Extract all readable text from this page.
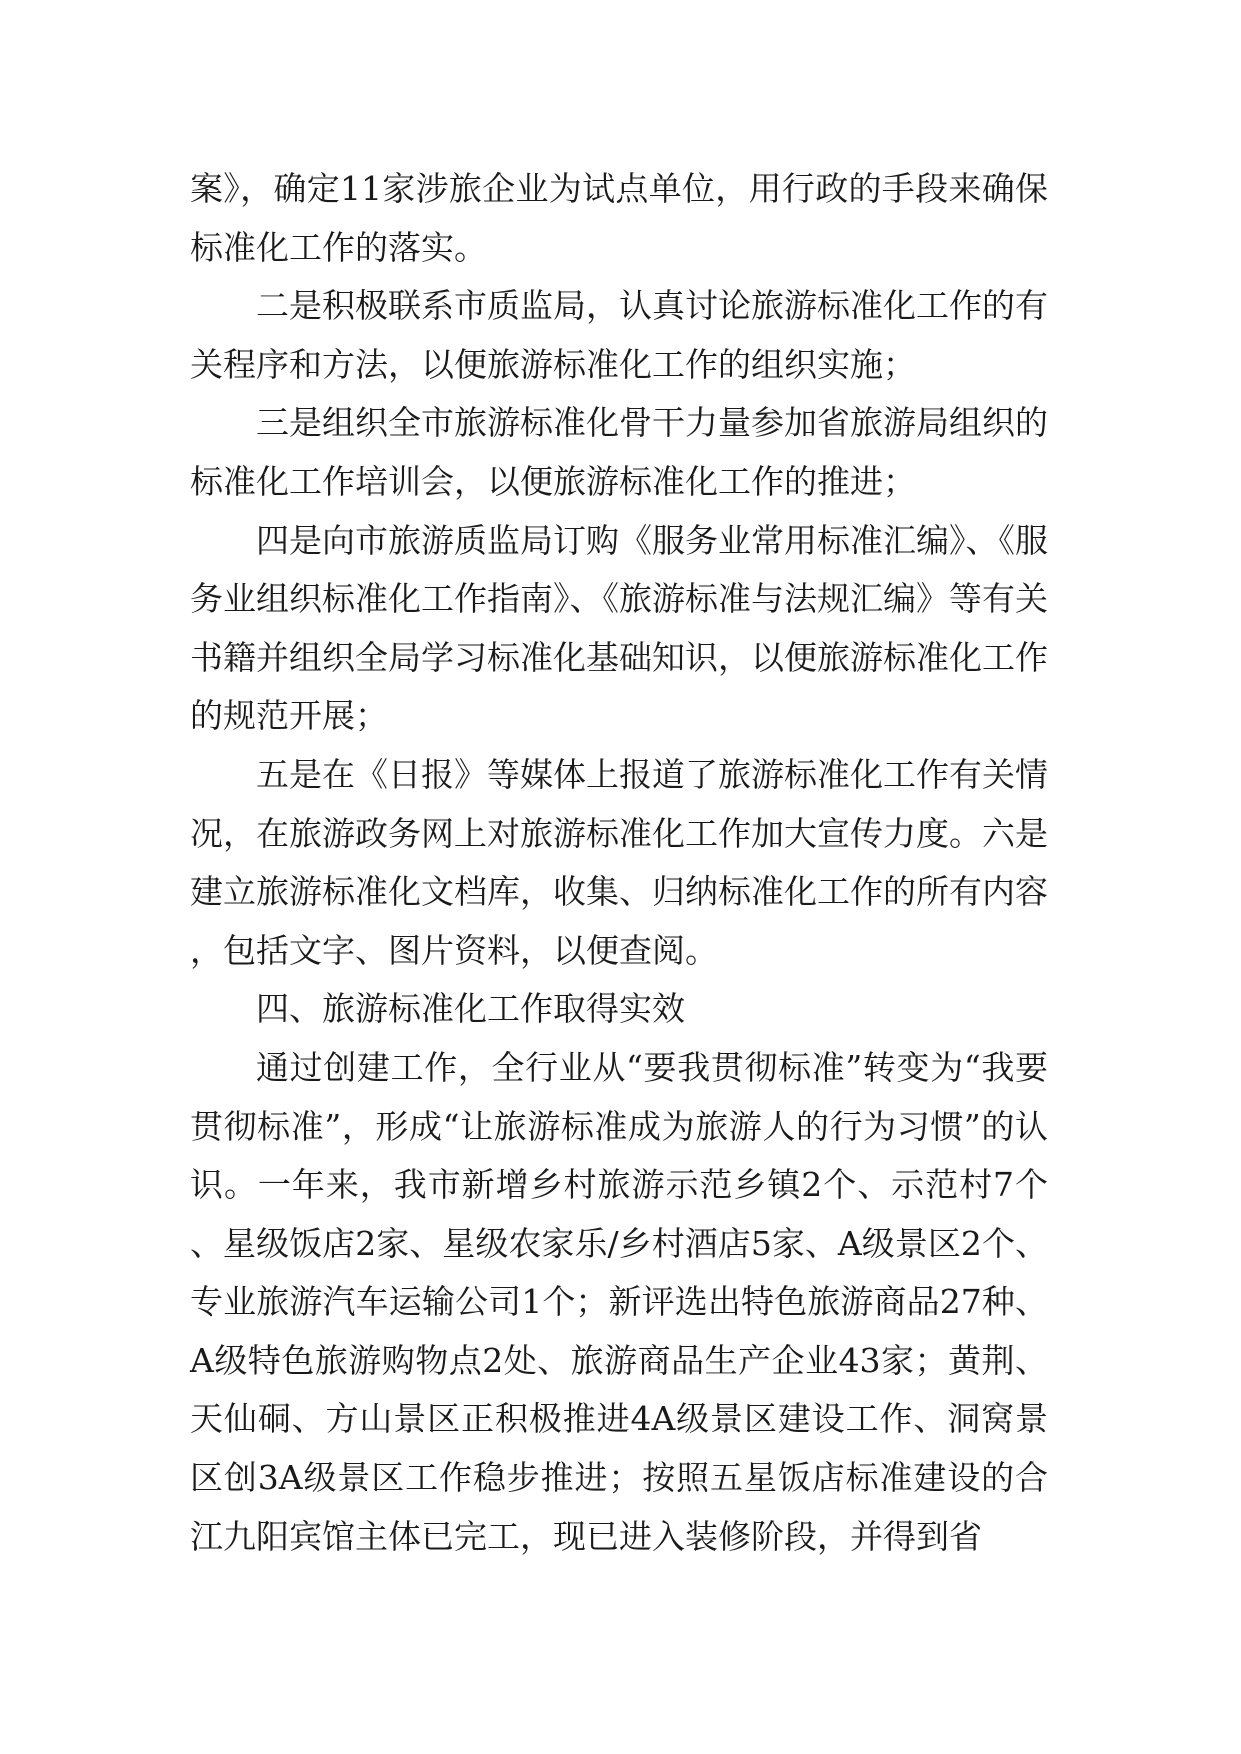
案》，确定11家涉旅企业为试点单位，用行政的手段来确保标准化工作的落实。

二是积极联系市质监局，认真讨论旅游标准化工作的有关程序和方法，以便旅游标准化工作的组织实施；

三是组织全市旅游标准化骨干力量参加省旅游局组织的标准化工作培训会，以便旅游标准化工作的推进；

四是向市旅游质监局订购《服务业常用标准汇编》、《服务业组织标准化工作指南》、《旅游标准与法规汇编》等有关书籍并组织全局学习标准化基础知识，以便旅游标准化工作的规范开展；

五是在《日报》等媒体上报道了旅游标准化工作有关情况，在旅游政务网上对旅游标准化工作加大宣传力度。六是建立旅游标准化文档库，收集、归纳标准化工作的所有内容，包括文字、图片资料，以便查阅。

四、旅游标准化工作取得实效

通过创建工作，全行业从“要我贯彻标准”转变为“我要贯彻标准”，形成“让旅游标准成为旅游人的行为习惯”的认识。一年来，我市新增乡村旅游示范乡镇2个、示范村7个、星级饭店2家、星级农家乐/乡村酒店5家、A级景区2个、专业旅游汽车运输公司1个；新评选出特色旅游商品27种、A级特色旅游购物点2处、旅游商品生产企业43家；黄荆、天仙硐、方山景区正积极推进4A级景区建设工作、洞窝景区创3A级景区工作稳步推进；按照五星饭店标准建设的合江九阳宾馆主体已完工，现已进入装修阶段，并得到省
